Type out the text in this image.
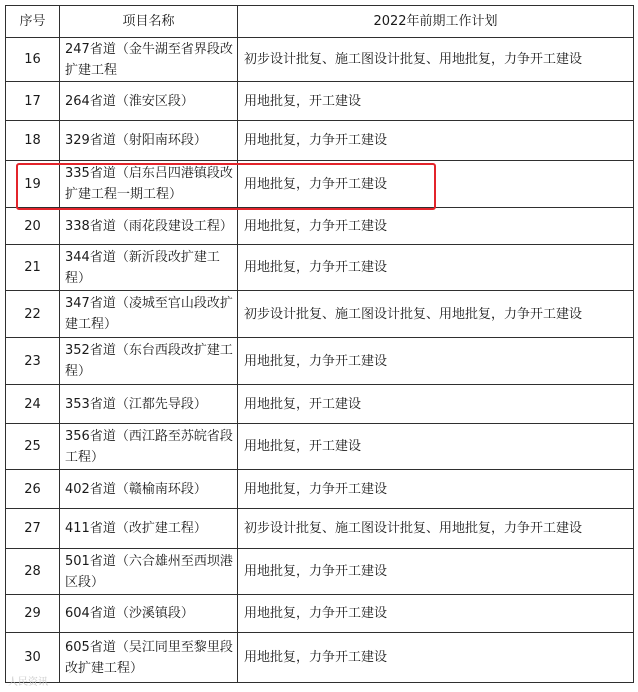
序号	项目名称	2022年前期工作计划
16	247省道（金牛湖至省界段改扩建工程	初步设计批复、施工图设计批复、用地批复，力争开工建设
17	264省道（淮安区段）	用地批复，开工建设
18	329省道（射阳南环段）	用地批复，力争开工建设
19	335省道（启东吕四港镇段改扩建工程一期工程）	用地批复，力争开工建设
20	338省道（雨花段建设工程）	用地批复，力争开工建设
21	344省道（新沂段改扩建工程）	用地批复，力争开工建设
22	347省道（凌城至官山段改扩建工程）	初步设计批复、施工图设计批复、用地批复，力争开工建设
23	352省道（东台西段改扩建工程）	用地批复，力争开工建设
24	353省道（江都先导段）	用地批复，开工建设
25	356省道（西江路至苏皖省段工程）	用地批复，开工建设
26	402省道（赣榆南环段）	用地批复，力争开工建设
27	411省道（改扩建工程）	初步设计批复、施工图设计批复、用地批复，力争开工建设
28	501省道（六合雄州至西坝港区段）	用地批复，力争开工建设
29	604省道（沙溪镇段）	用地批复，力争开工建设
30	605省道（吴江同里至黎里段改扩建工程）	用地批复，力争开工建设
人民资讯
